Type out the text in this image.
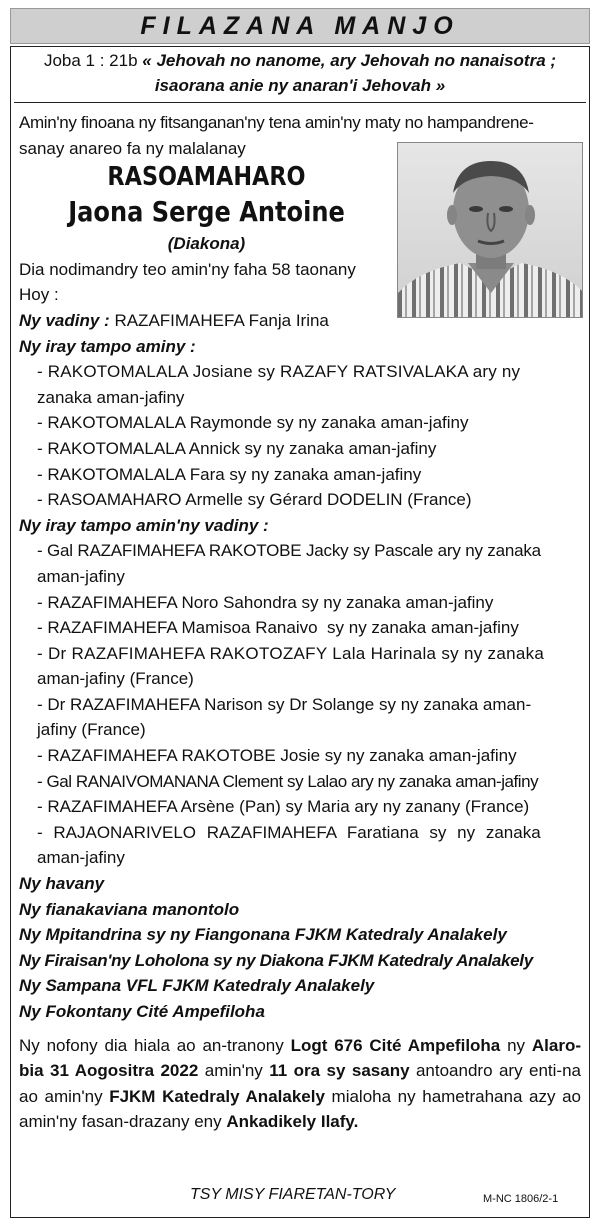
FILAZANA MANJO
Joba 1 : 21b « Jehovah no nanome, ary Jehovah no nanaisotra ;
isaorana anie ny anaran'i Jehovah »
Amin'ny finoana ny fitsanganan'ny tena amin'ny maty no hampandrene-
sanay anareo fa ny malalanay
RASOAMAHARO
Jaona Serge Antoine
(Diakona)
Dia nodimandry teo amin'ny faha 58 taonany
Hoy :
Ny vadiny : RAZAFIMAHEFA Fanja Irina
Ny iray tampo aminy :
- RAKOTOMALALA Josiane sy RAZAFY RATSIVALAKA ary ny
zanaka aman-jafiny
- RAKOTOMALALA Raymonde sy ny zanaka aman-jafiny
- RAKOTOMALALA Annick sy ny zanaka aman-jafiny
- RAKOTOMALALA Fara sy ny zanaka aman-jafiny
- RASOAMAHARO Armelle sy Gérard DODELIN (France)
Ny iray tampo amin'ny vadiny :
- Gal RAZAFIMAHEFA RAKOTOBE Jacky sy Pascale ary ny zanaka
aman-jafiny
- RAZAFIMAHEFA Noro Sahondra sy ny zanaka aman-jafiny
- RAZAFIMAHEFA Mamisoa Ranaivo  sy ny zanaka aman-jafiny
- Dr RAZAFIMAHEFA RAKOTOZAFY Lala Harinala sy ny zanaka
aman-jafiny (France)
- Dr RAZAFIMAHEFA Narison sy Dr Solange sy ny zanaka aman-
jafiny (France)
- RAZAFIMAHEFA RAKOTOBE Josie sy ny zanaka aman-jafiny
- Gal RANAIVOMANANA Clement sy Lalao ary ny zanaka aman-jafiny
- RAZAFIMAHEFA Arsène (Pan) sy Maria ary ny zanany (France)
- RAJAONARIVELO RAZAFIMAHEFA Faratiana sy ny zanaka
aman-jafiny
Ny havany
Ny fianakaviana manontolo
Ny Mpitandrina sy ny Fiangonana FJKM Katedraly Analakely
Ny Firaisan'ny Loholona sy ny Diakona FJKM Katedraly Analakely
Ny Sampana VFL FJKM Katedraly Analakely
Ny Fokontany Cité Ampefiloha
Ny nofony dia hiala ao an-tranony Logt 676 Cité Ampefiloha ny Alaro-bia 31 Aogositra 2022 amin'ny 11 ora sy sasany antoandro ary enti-na ao amin'ny FJKM Katedraly Analakely mialoha ny hametrahana azy ao amin'ny fasan-drazany eny Ankadikely Ilafy.
TSY MISY FIARETAN-TORY	M-NC 1806/2-1
